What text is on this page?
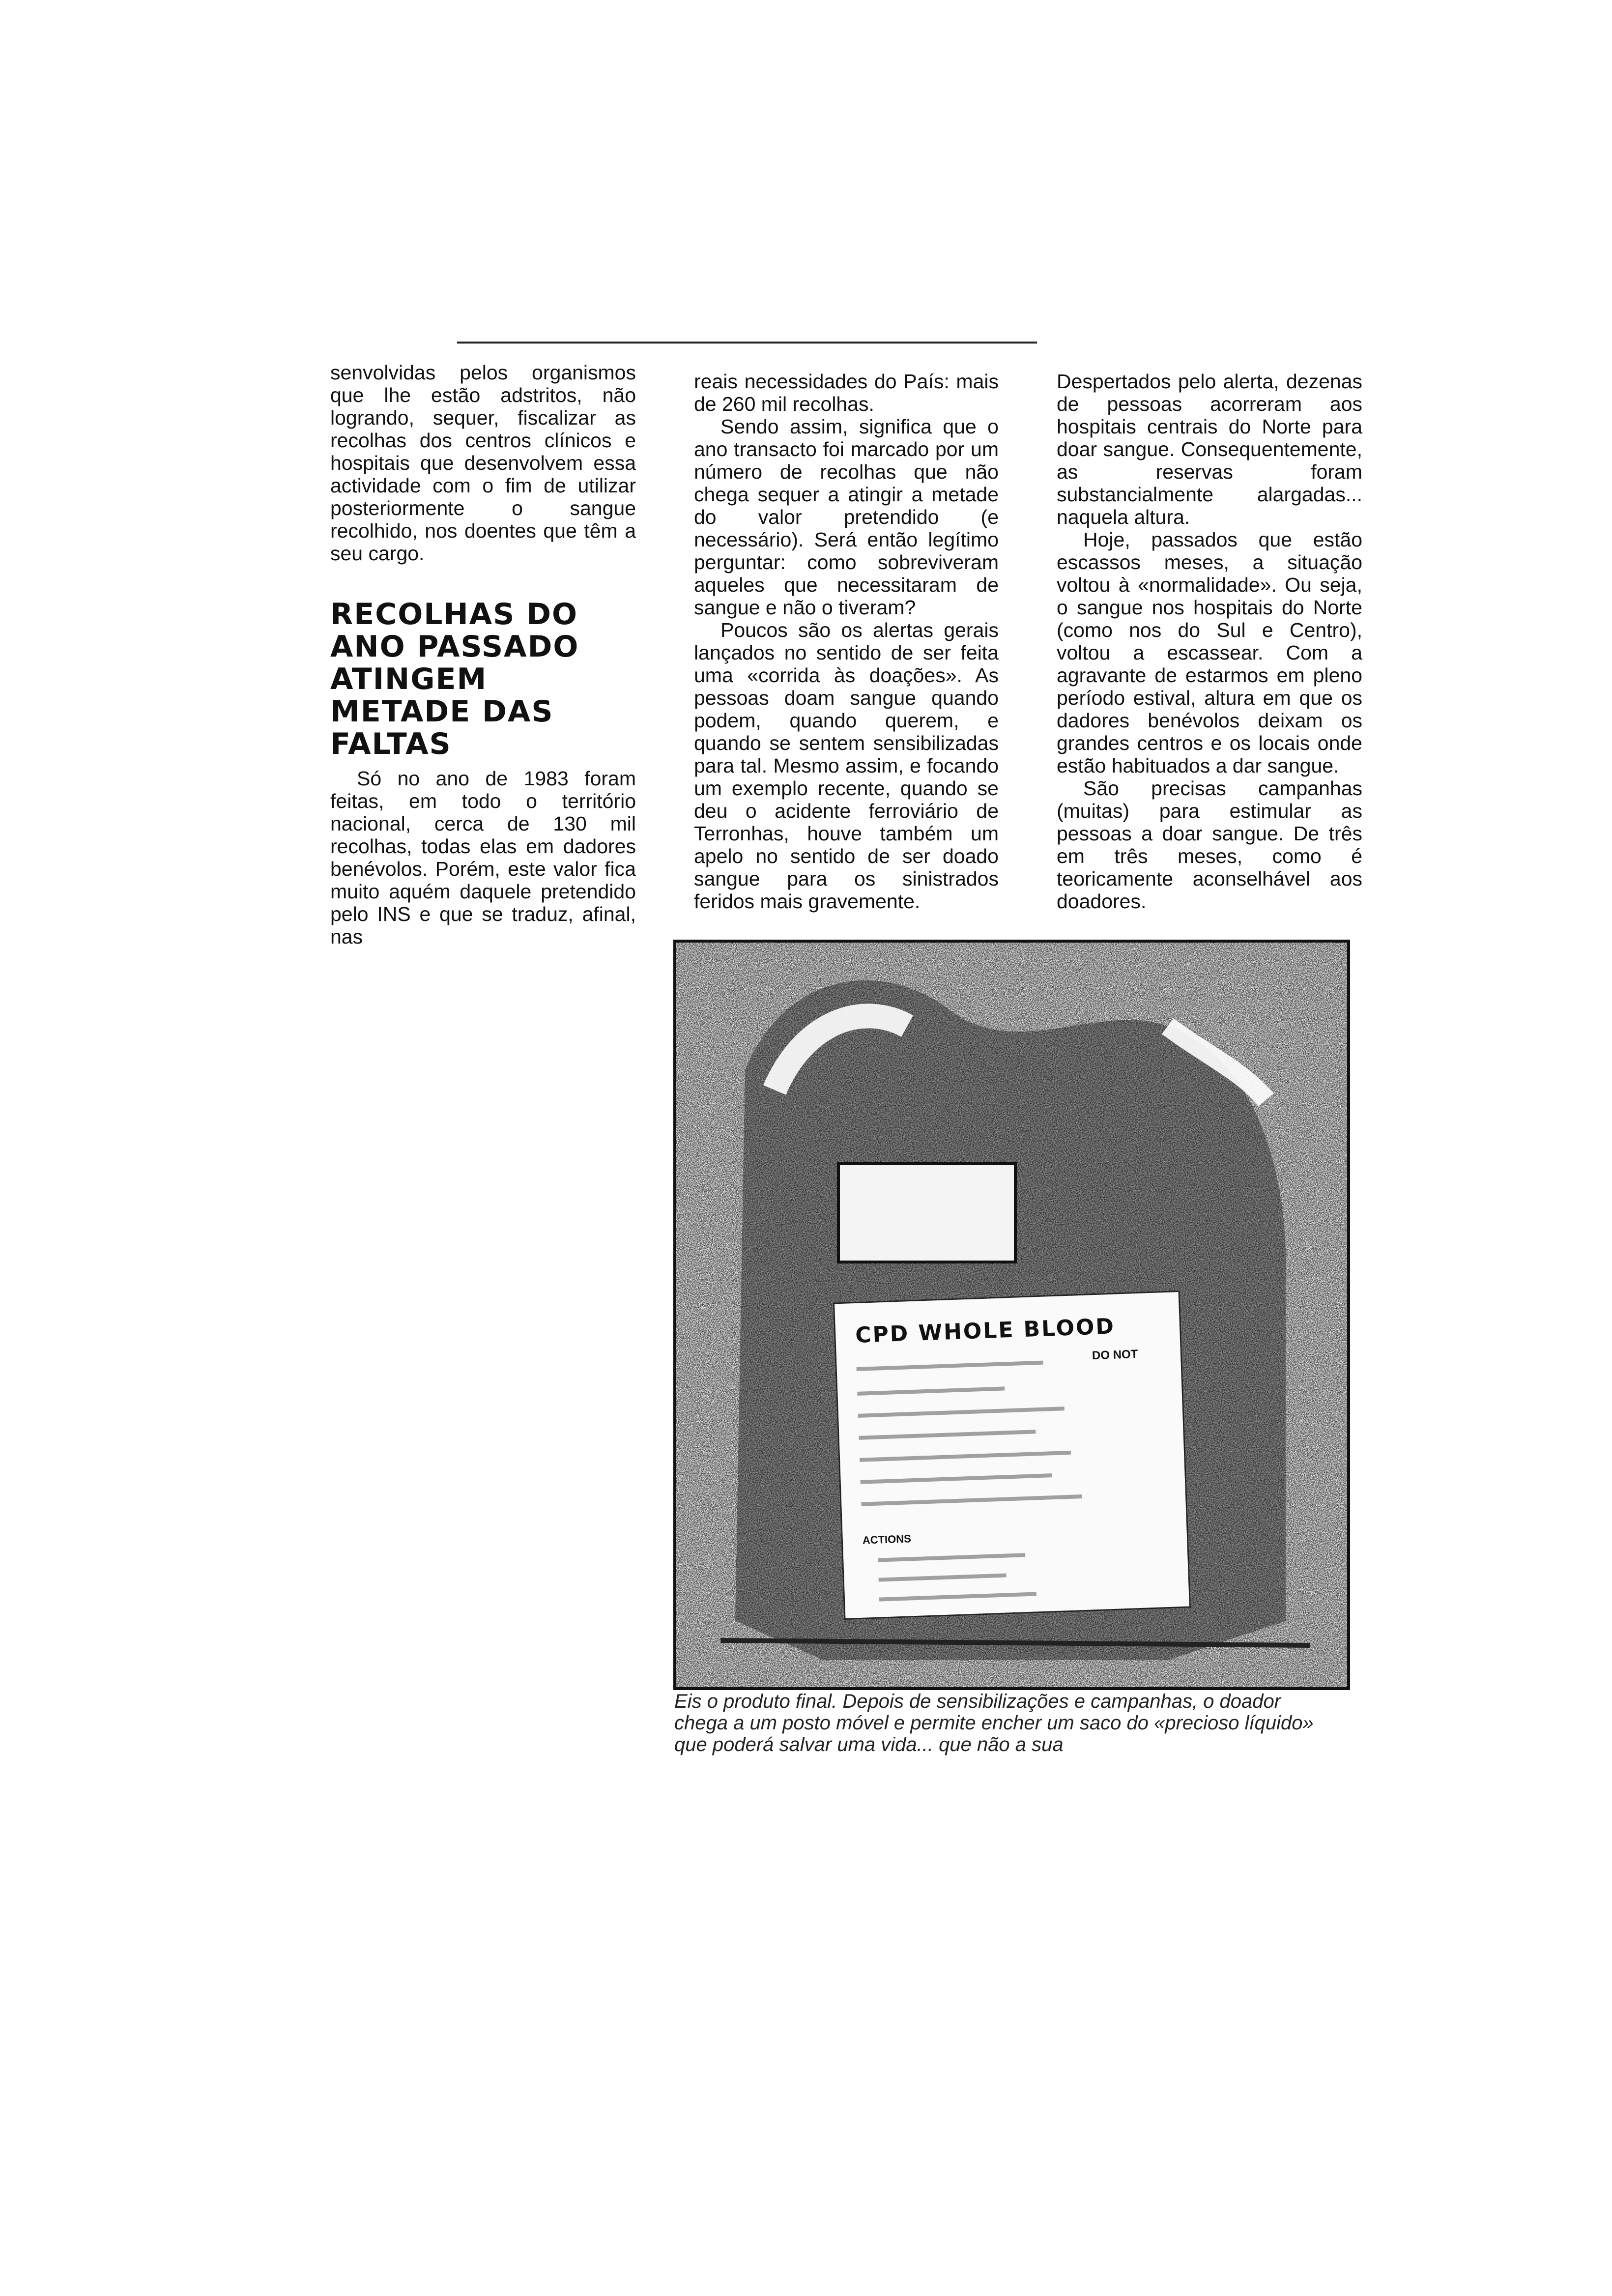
senvolvidas pelos organismos que lhe estão adstritos, não logrando, sequer, fiscalizar as recolhas dos centros clínicos e hospitais que desenvolvem essa actividade com o fim de utilizar posteriormente o sangue recolhido, nos doentes que têm a seu cargo.

RECOLHAS DO ANO PASSADO ATINGEM METADE DAS FALTAS

Só no ano de 1983 foram feitas, em todo o território nacional, cerca de 130 mil recolhas, todas elas em dadores benévolos. Porém, este valor fica muito aquém daquele pretendido pelo INS e que se traduz, afinal, nas

reais necessidades do País: mais de 260 mil recolhas.

Sendo assim, significa que o ano transacto foi marcado por um número de recolhas que não chega sequer a atingir a metade do valor pretendido (e necessário). Será então legítimo perguntar: como sobreviveram aqueles que necessitaram de sangue e não o tiveram?

Poucos são os alertas gerais lançados no sentido de ser feita uma «corrida às doações». As pessoas doam sangue quando podem, quando querem, e quando se sentem sensibilizadas para tal. Mesmo assim, e focando um exemplo recente, quando se deu o acidente ferroviário de Terronhas, houve também um apelo no sentido de ser doado sangue para os sinistrados feridos mais gravemente.

Despertados pelo alerta, dezenas de pessoas acorreram aos hospitais centrais do Norte para doar sangue. Consequentemente, as reservas foram substancialmente alargadas... naquela altura.

Hoje, passados que estão escassos meses, a situação voltou à «normalidade». Ou seja, o sangue nos hospitais do Norte (como nos do Sul e Centro), voltou a escassear. Com a agravante de estarmos em pleno período estival, altura em que os dadores benévolos deixam os grandes centros e os locais onde estão habituados a dar sangue.

São precisas campanhas (muitas) para estimular as pessoas a doar sangue. De três em três meses, como é teoricamente aconselhável aos doadores.

CPD WHOLE BLOOD
DO NOT
ACTIONS
Eis o produto final. Depois de sensibilizações e campanhas, o doador chega a um posto móvel e permite encher um saco do «precioso líquido» que poderá salvar uma vida... que não a sua
